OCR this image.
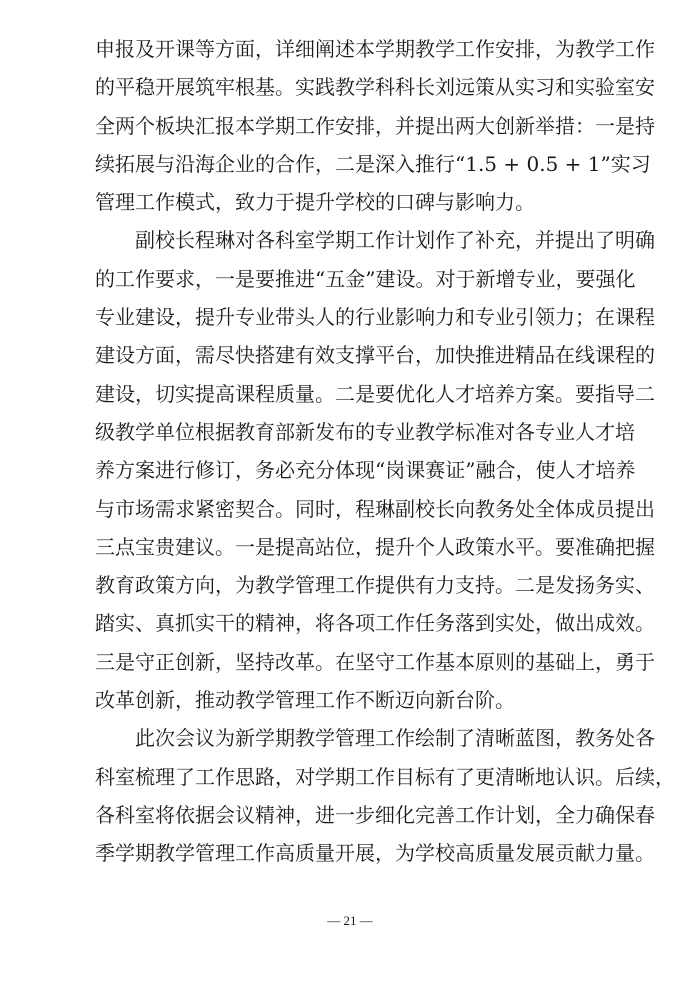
申报及开课等方面，详细阐述本学期教学工作安排，为教学工作
的平稳开展筑牢根基。实践教学科科长刘远策从实习和实验室安
全两个板块汇报本学期工作安排，并提出两大创新举措：一是持
续拓展与沿海企业的合作，二是深入推行“1.5 + 0.5 + 1”实习
管理工作模式，致力于提升学校的口碑与影响力。
　　副校长程琳对各科室学期工作计划作了补充，并提出了明确
的工作要求，一是要推进“五金”建设。对于新增专业，要强化
专业建设，提升专业带头人的行业影响力和专业引领力；在课程
建设方面，需尽快搭建有效支撑平台，加快推进精品在线课程的
建设，切实提高课程质量。二是要优化人才培养方案。要指导二
级教学单位根据教育部新发布的专业教学标准对各专业人才培
养方案进行修订，务必充分体现“岗课赛证”融合，使人才培养
与市场需求紧密契合。同时，程琳副校长向教务处全体成员提出
三点宝贵建议。一是提高站位，提升个人政策水平。要准确把握
教育政策方向，为教学管理工作提供有力支持。二是发扬务实、
踏实、真抓实干的精神，将各项工作任务落到实处，做出成效。
三是守正创新，坚持改革。在坚守工作基本原则的基础上，勇于
改革创新，推动教学管理工作不断迈向新台阶。
　　此次会议为新学期教学管理工作绘制了清晰蓝图，教务处各
科室梳理了工作思路，对学期工作目标有了更清晰地认识。后续，
各科室将依据会议精神，进一步细化完善工作计划，全力确保春
季学期教学管理工作高质量开展，为学校高质量发展贡献力量。
— 21 —
